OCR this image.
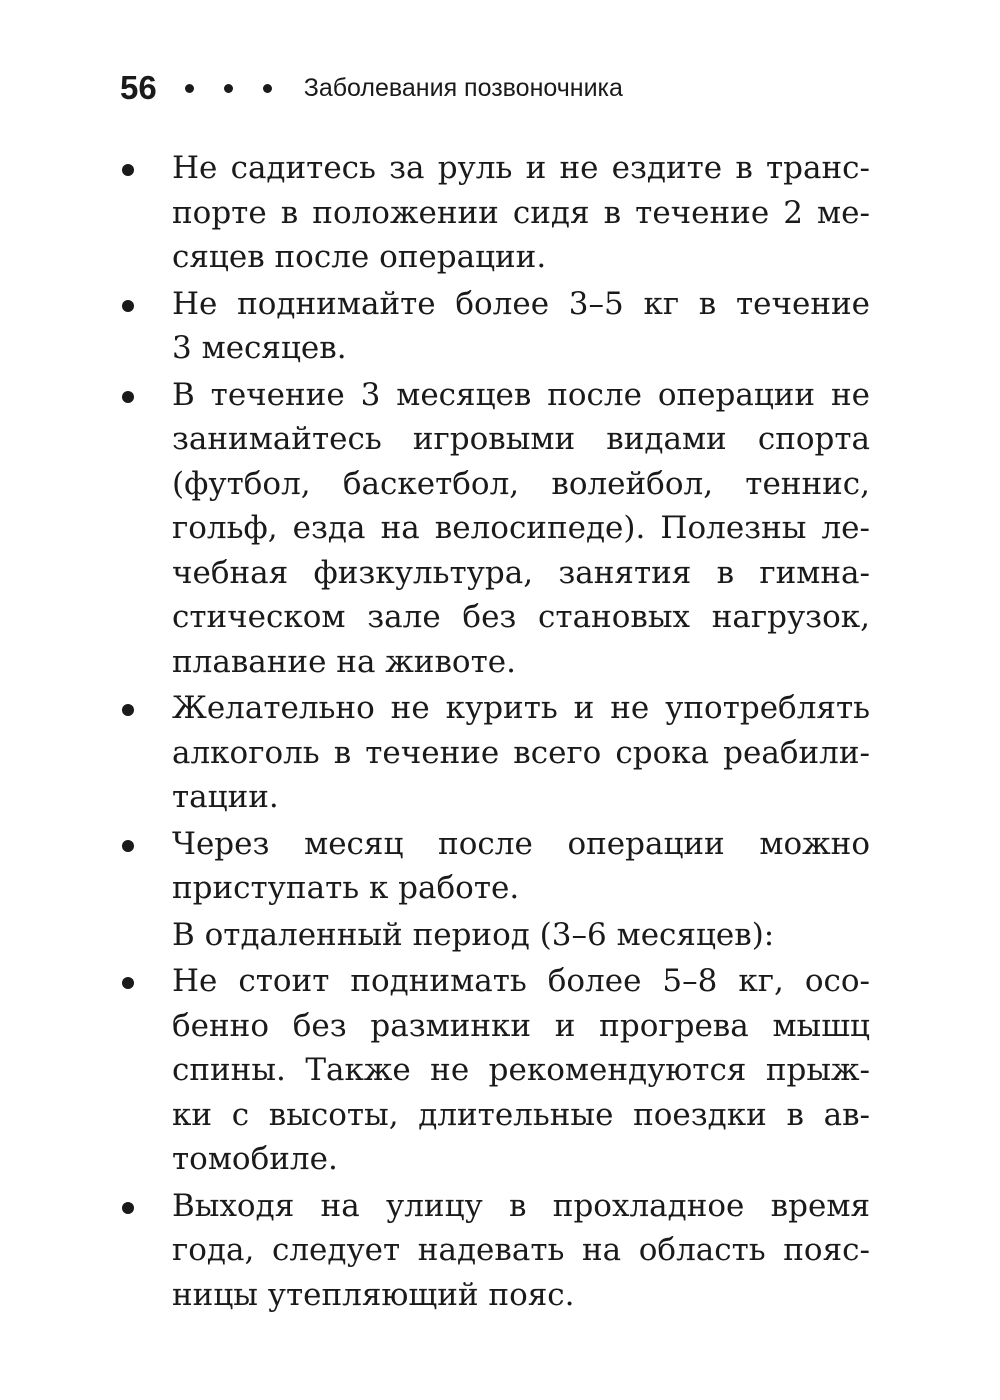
56	Заболевания позвоночника
Не садитесь за руль и не ездите в транс-
порте в положении сидя в течение 2 ме-
сяцев после операции.
Не поднимайте более 3–5 кг в течение
3 месяцев.
В течение 3 месяцев после операции не
занимайтесь игровыми видами спорта
(футбол, баскетбол, волейбол, теннис,
гольф, езда на велосипеде). Полезны ле-
чебная физкультура, занятия в гимна-
стическом зале без становых нагрузок,
плавание на животе.
Желательно не курить и не употреблять
алкоголь в течение всего срока реабили-
тации.
Через месяц после операции можно
приступать к работе.
В отдаленный период (3–6 месяцев):
Не стоит поднимать более 5–8 кг, осо-
бенно без разминки и прогрева мышц
спины. Также не рекомендуются прыж-
ки с высоты, длительные поездки в ав-
томобиле.
Выходя на улицу в прохладное время
года, следует надевать на область пояс-
ницы утепляющий пояс.
